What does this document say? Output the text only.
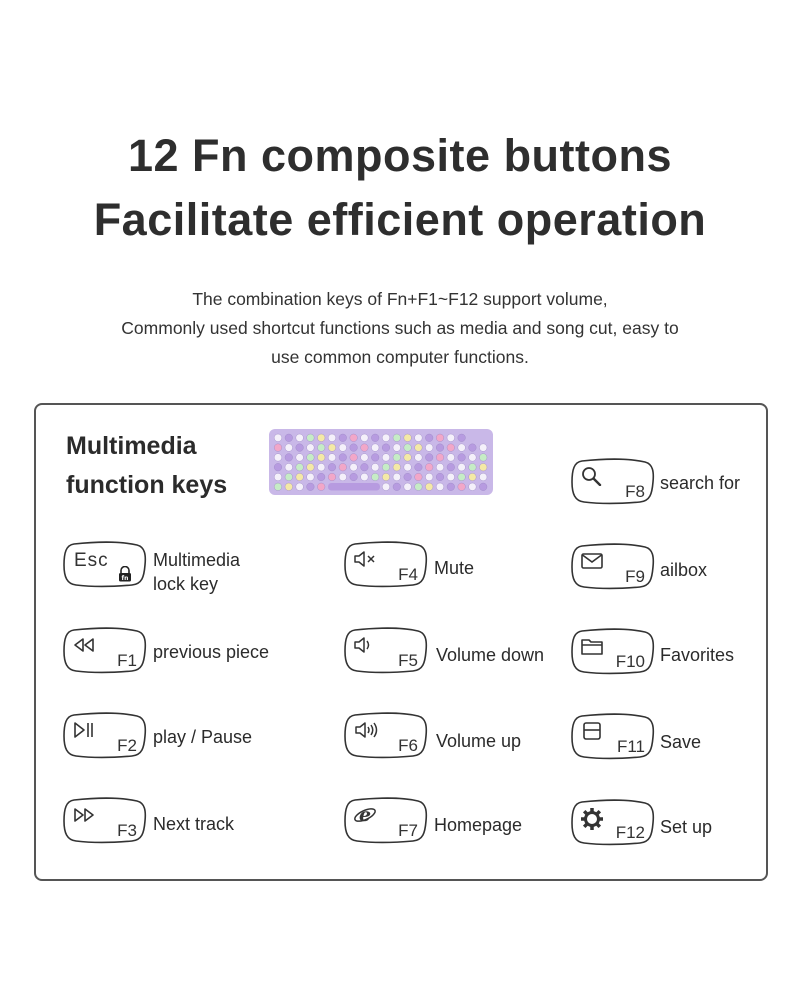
12 Fn composite buttons
Facilitate efficient operation
The combination keys of Fn+F1~F12 support volume,
Commonly used shortcut functions such as media and song cut, easy to
use common computer functions.
Multimedia
function keys
Esc
fn
Multimedia
lock key
F1 previous piece
F2 play / Pause
F3 Next track
F4 Mute
F5 Volume down
F6 Volume up
e
F7 Homepage
F8 search for
F9 ailbox
F10 Favorites
F11 Save
F12 Set up
